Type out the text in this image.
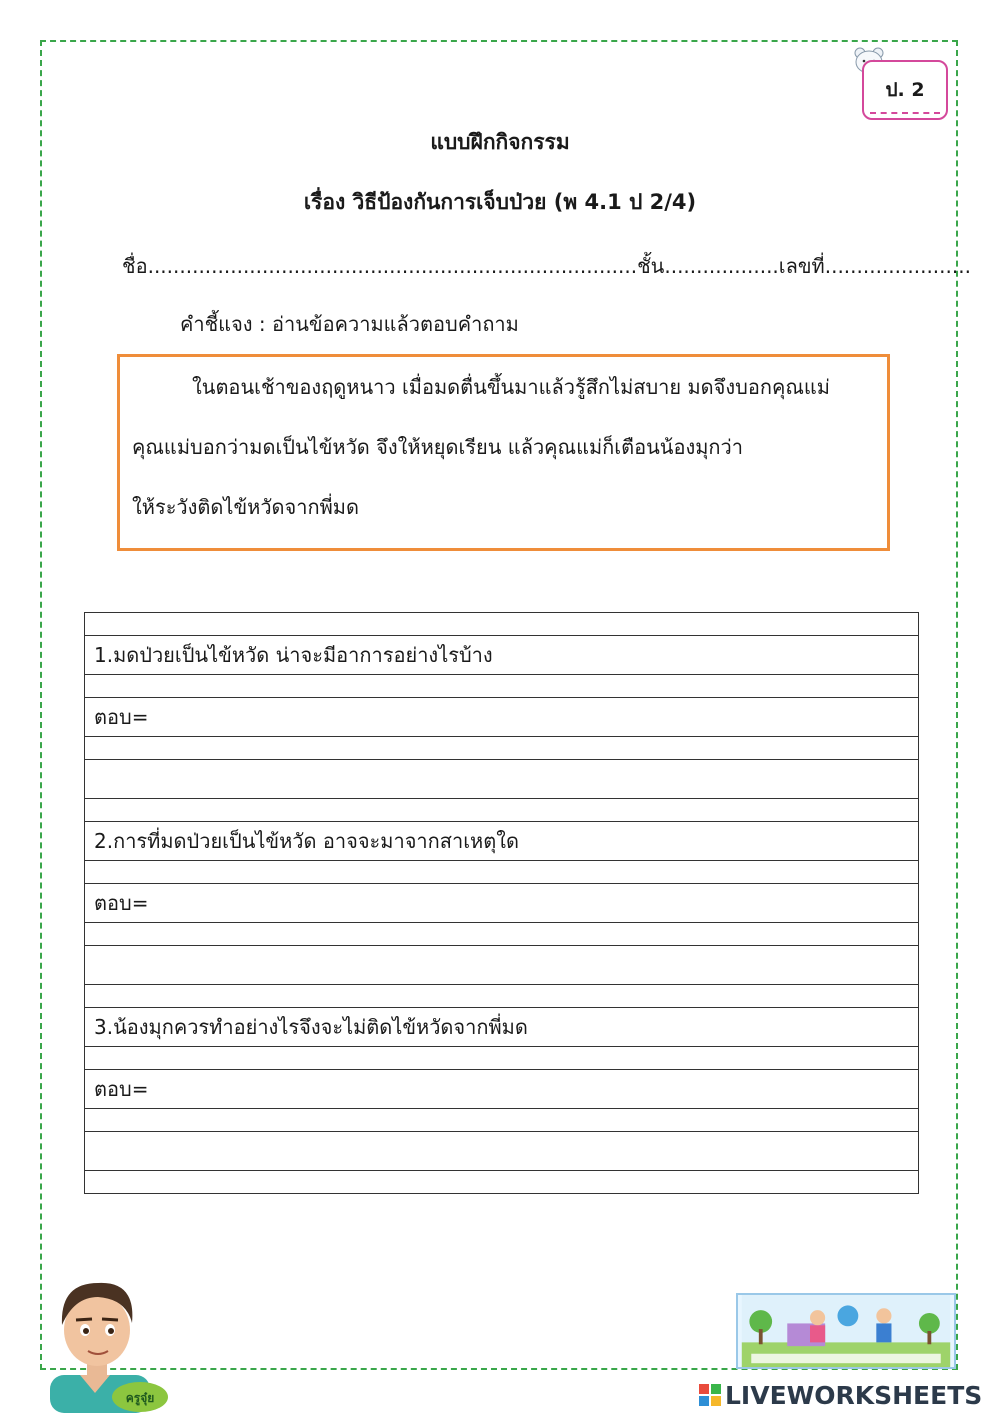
ป. 2
แบบฝึกกิจกรรม
เรื่อง วิธีป้องกันการเจ็บป่วย (พ 4.1 ป 2/4)
ชื่อ.............................................................................ชั้น..................เลขที่.......................
คำชี้แจง : อ่านข้อความแล้วตอบคำถาม
ในตอนเช้าของฤดูหนาว เมื่อมดตื่นขึ้นมาแล้วรู้สึกไม่สบาย มดจึงบอกคุณแม่
คุณแม่บอกว่ามดเป็นไข้หวัด จึงให้หยุดเรียน แล้วคุณแม่ก็เตือนน้องมุกว่า
ให้ระวังติดไข้หวัดจากพี่มด

1.มดป่วยเป็นไข้หวัด น่าจะมีอาการอย่างไรบ้าง

ตอบ=

2.การที่มดป่วยเป็นไข้หวัด อาจจะมาจากสาเหตุใด

ตอบ=

3.น้องมุกควรทำอย่างไรจึงจะไม่ติดไข้หวัดจากพี่มด

ตอบ=

ครูจุ๋ย	LIVEWORKSHEETS
